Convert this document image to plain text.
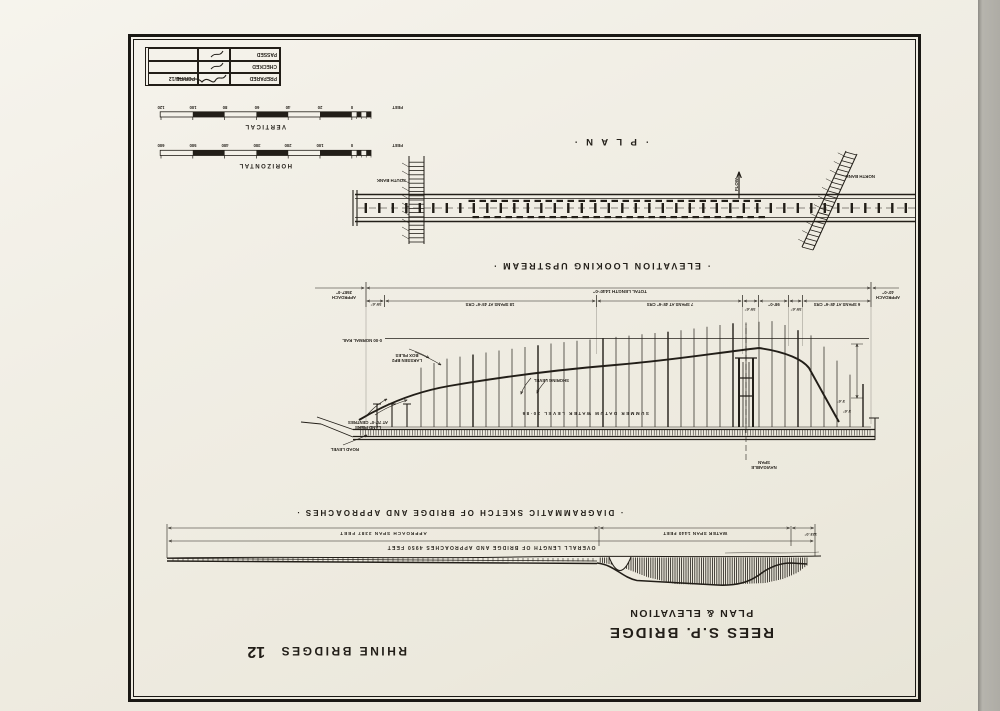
REES S.P. BRIDGE
PLAN & ELEVATION
RHINE BRIDGES
12
· DIAGRAMMATIC SKETCH OF BRIDGE AND APPROACHES ·
OVERALL LENGTH OF BRIDGE AND APPROACHES 4950 FEET
APPROACH SPAN 3387 FEET	WATER SPAN 1440 FEET	123'-0"
· ELEVATION LOOKING UPSTREAM ·
TOTAL LENGTH 1440'-0"
APPROACH
3587'-0"
APPROACH
40'-0"
6 SPANS AT 45'-6" CRS
35'-6"
98'-0"
35'-6"
7 SPANS AT 45'-6" CRS
18 SPANS AT 45'-6" CRS
35'-6"
0·00 NORMAL RAIL
SUMMER DATUM WATER LEVEL 30·86
SHORING LEVEL
LARSSEN BP2
BOX PILES
LAND PIERS
AT 70'-0" CENTRES
ROAD LEVEL
NAVIGABLE
SPAN
3'-6"
3'-6"
· P L A N ·
SOUTH BANK
NORTH BANK
FLOW
HORIZONTAL
FEET
0
100
200
300
400
500
600
VERTICAL
FEET
0
20
40
60
80
100
120
PREPARED
PCR/RB/12
CHECKED
PASSED
